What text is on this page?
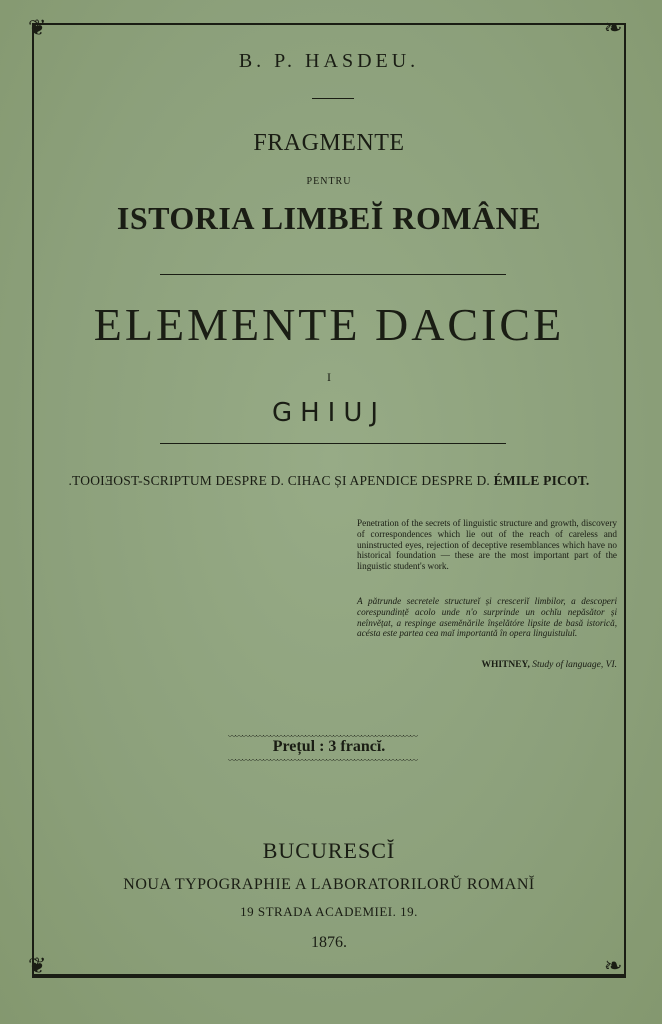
❦	❧
❦	❧
B. P. HASDEU.
FRAGMENTE
PENTRU
ISTORIA LIMBEĬ ROMÂNE
ELEMENTE DACICE
I
GHIUJ
.TOOIƎOST-SCRIPTUM DESPRE D. CIHAC ȘI APENDICE DESPRE D. ÉMILE PICOT.
Penetration of the secrets of linguistic structure and growth, discovery of correspondences which lie out of the reach of careless and uninstructed eyes, rejection of deceptive resemblances which have no historical foundation — these are the most important part of the linguistic student's work.
A pătrunde secretele structureĭ și cresceriĭ limbilor, a descoperi corespundințĕ acolo unde n'o surprinde un ochĭu nepăsător și neînvĕțat, a respinge asemĕnările înșelătóre lipsite de basă istorică, acésta este partea cea maĭ importantă în opera linguistuluĭ.
WHITNEY, Study of language, VI.
〰〰〰〰〰〰〰〰〰〰〰〰〰〰〰〰〰〰〰〰〰〰〰〰〰〰〰
Prețul : 3 francĭ.
〰〰〰〰〰〰〰〰〰〰〰〰〰〰〰〰〰〰〰〰〰〰〰〰〰〰〰
BUCURESCĬ
NOUA TYPOGRAPHIE A LABORATORILORŬ ROMANĬ
19 STRADA ACADEMIEI. 19.
1876.
